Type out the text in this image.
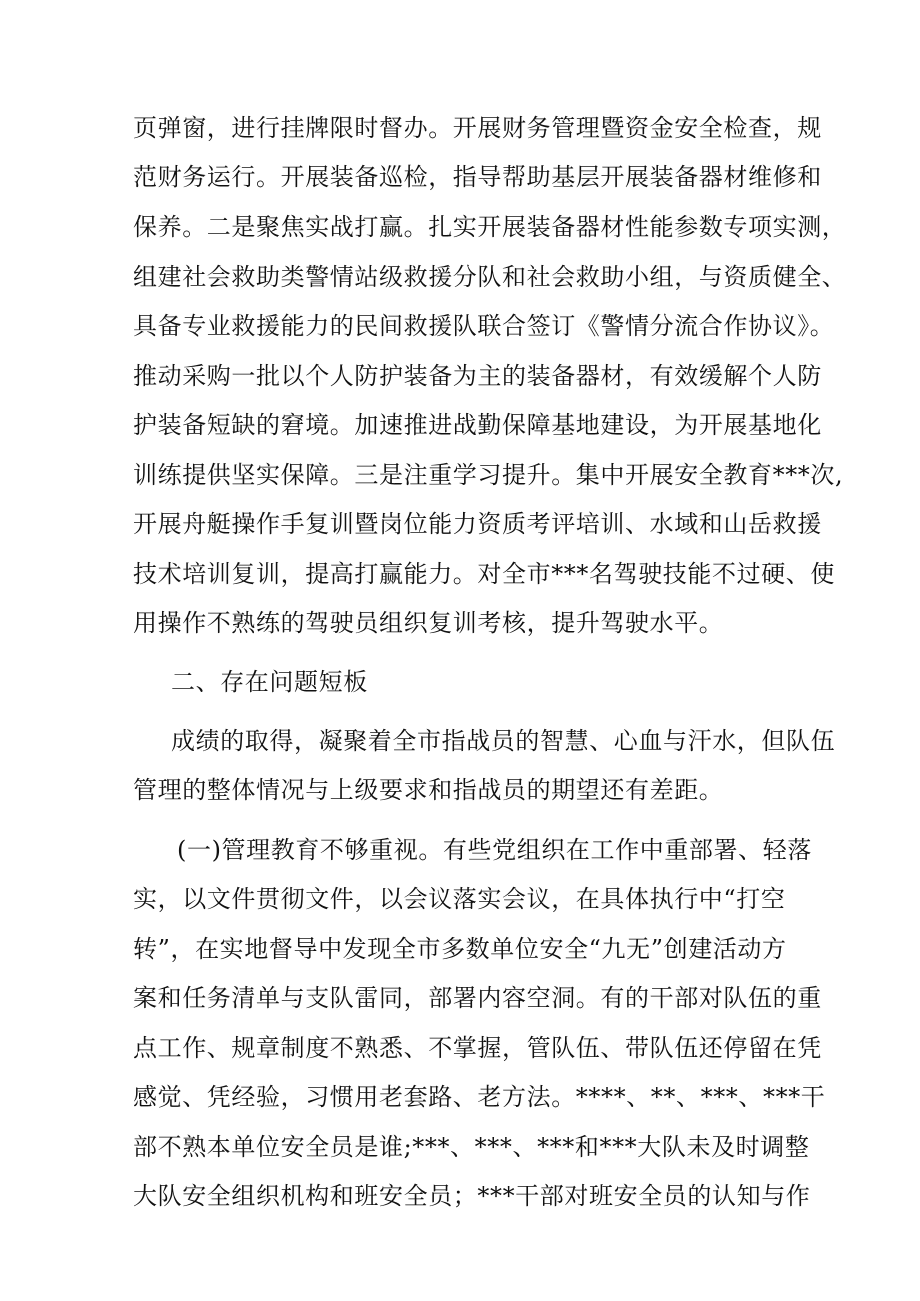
页弹窗，进行挂牌限时督办。开展财务管理暨资金安全检查，规
范财务运行。开展装备巡检，指导帮助基层开展装备器材维修和
保养。二是聚焦实战打赢。扎实开展装备器材性能参数专项实测，
组建社会救助类警情站级救援分队和社会救助小组，与资质健全、
具备专业救援能力的民间救援队联合签订《警情分流合作协议》。
推动采购一批以个人防护装备为主的装备器材，有效缓解个人防
护装备短缺的窘境。加速推进战勤保障基地建设，为开展基地化
训练提供坚实保障。三是注重学习提升。集中开展安全教育***次,
开展舟艇操作手复训暨岗位能力资质考评培训、水域和山岳救援
技术培训复训，提高打赢能力。对全市***名驾驶技能不过硬、使
用操作不熟练的驾驶员组织复训考核，提升驾驶水平。
二、存在问题短板
成绩的取得，凝聚着全市指战员的智慧、心血与汗水，但队伍
管理的整体情况与上级要求和指战员的期望还有差距。
(一)管理教育不够重视。有些党组织在工作中重部署、轻落
实，以文件贯彻文件，以会议落实会议，在具体执行中“打空
转”，在实地督导中发现全市多数单位安全“九无”创建活动方
案和任务清单与支队雷同，部署内容空洞。有的干部对队伍的重
点工作、规章制度不熟悉、不掌握，管队伍、带队伍还停留在凭
感觉、凭经验，习惯用老套路、老方法。****、**、***、***干
部不熟本单位安全员是谁;***、***、***和***大队未及时调整
大队安全组织机构和班安全员；***干部对班安全员的认知与作
